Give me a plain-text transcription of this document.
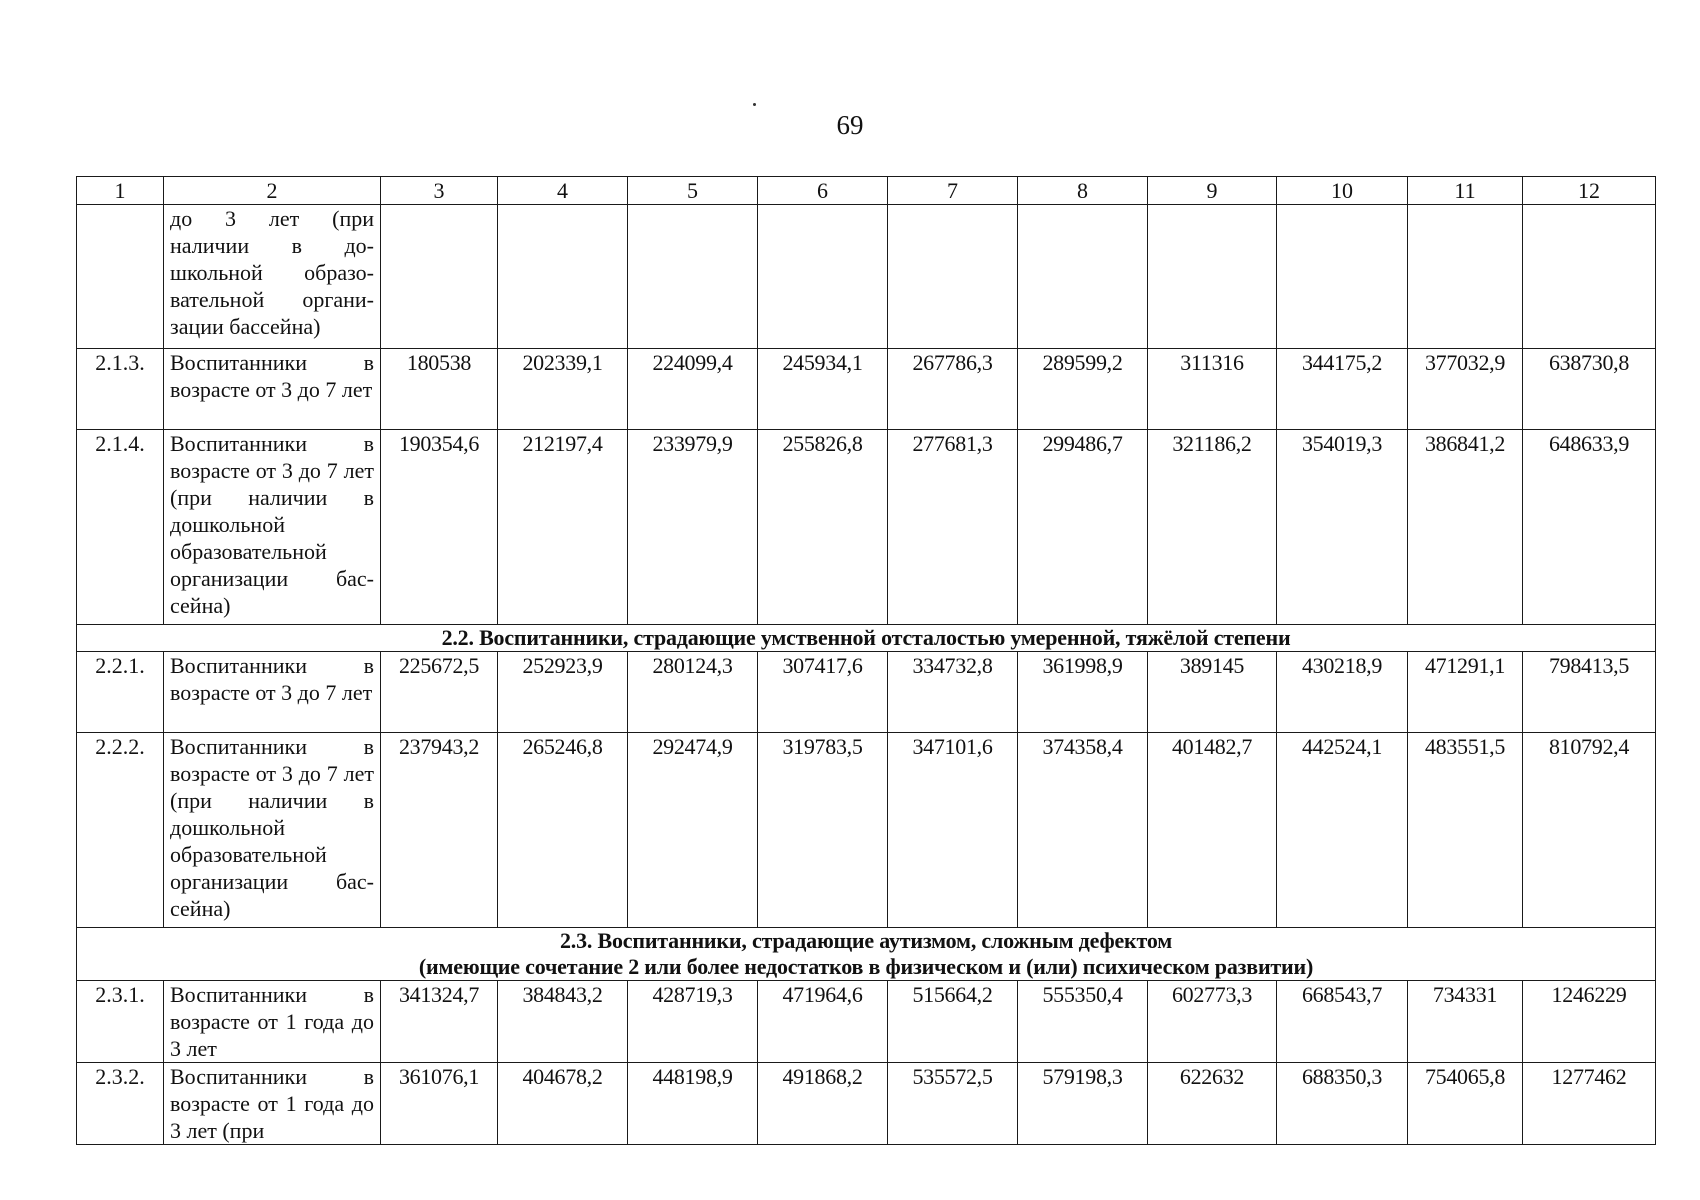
69
1	2	3	4	5	6	7	8	9	10	11	12
	до 3 лет (при наличии в дошкольной образовательной организации бассейна)										
2.1.3.	Воспитанники в возрасте от 3 до 7 лет	180538	202339,1	224099,4	245934,1	267786,3	289599,2	311316	344175,2	377032,9	638730,8
2.1.4.	Воспитанники в возрасте от 3 до 7 лет (при наличии в дошкольной образовательной организации бассейна)	190354,6	212197,4	233979,9	255826,8	277681,3	299486,7	321186,2	354019,3	386841,2	648633,9

2.2. Воспитанники, страдающие умственной отсталостью умеренной, тяжёлой степени											

2.2.1.	Воспитанники в возрасте от 3 до 7 лет	225672,5	252923,9	280124,3	307417,6	334732,8	361998,9	389145	430218,9	471291,1	798413,5
2.2.2.	Воспитанники в возрасте от 3 до 7 лет (при наличии в дошкольной образовательной организации бассейна)	237943,2	265246,8	292474,9	319783,5	347101,6	374358,4	401482,7	442524,1	483551,5	810792,4

2.3. Воспитанники, страдающие аутизмом, сложным дефектом
(имеющие сочетание 2 или более недостатков в физическом и (или) психическом развитии)											

2.3.1.	Воспитанники в возрасте от 1 года до 3 лет	341324,7	384843,2	428719,3	471964,6	515664,2	555350,4	602773,3	668543,7	734331	1246229
2.3.2.	Воспитанники в возрасте от 1 года до 3 лет (при	361076,1	404678,2	448198,9	491868,2	535572,5	579198,3	622632	688350,3	754065,8	1277462
